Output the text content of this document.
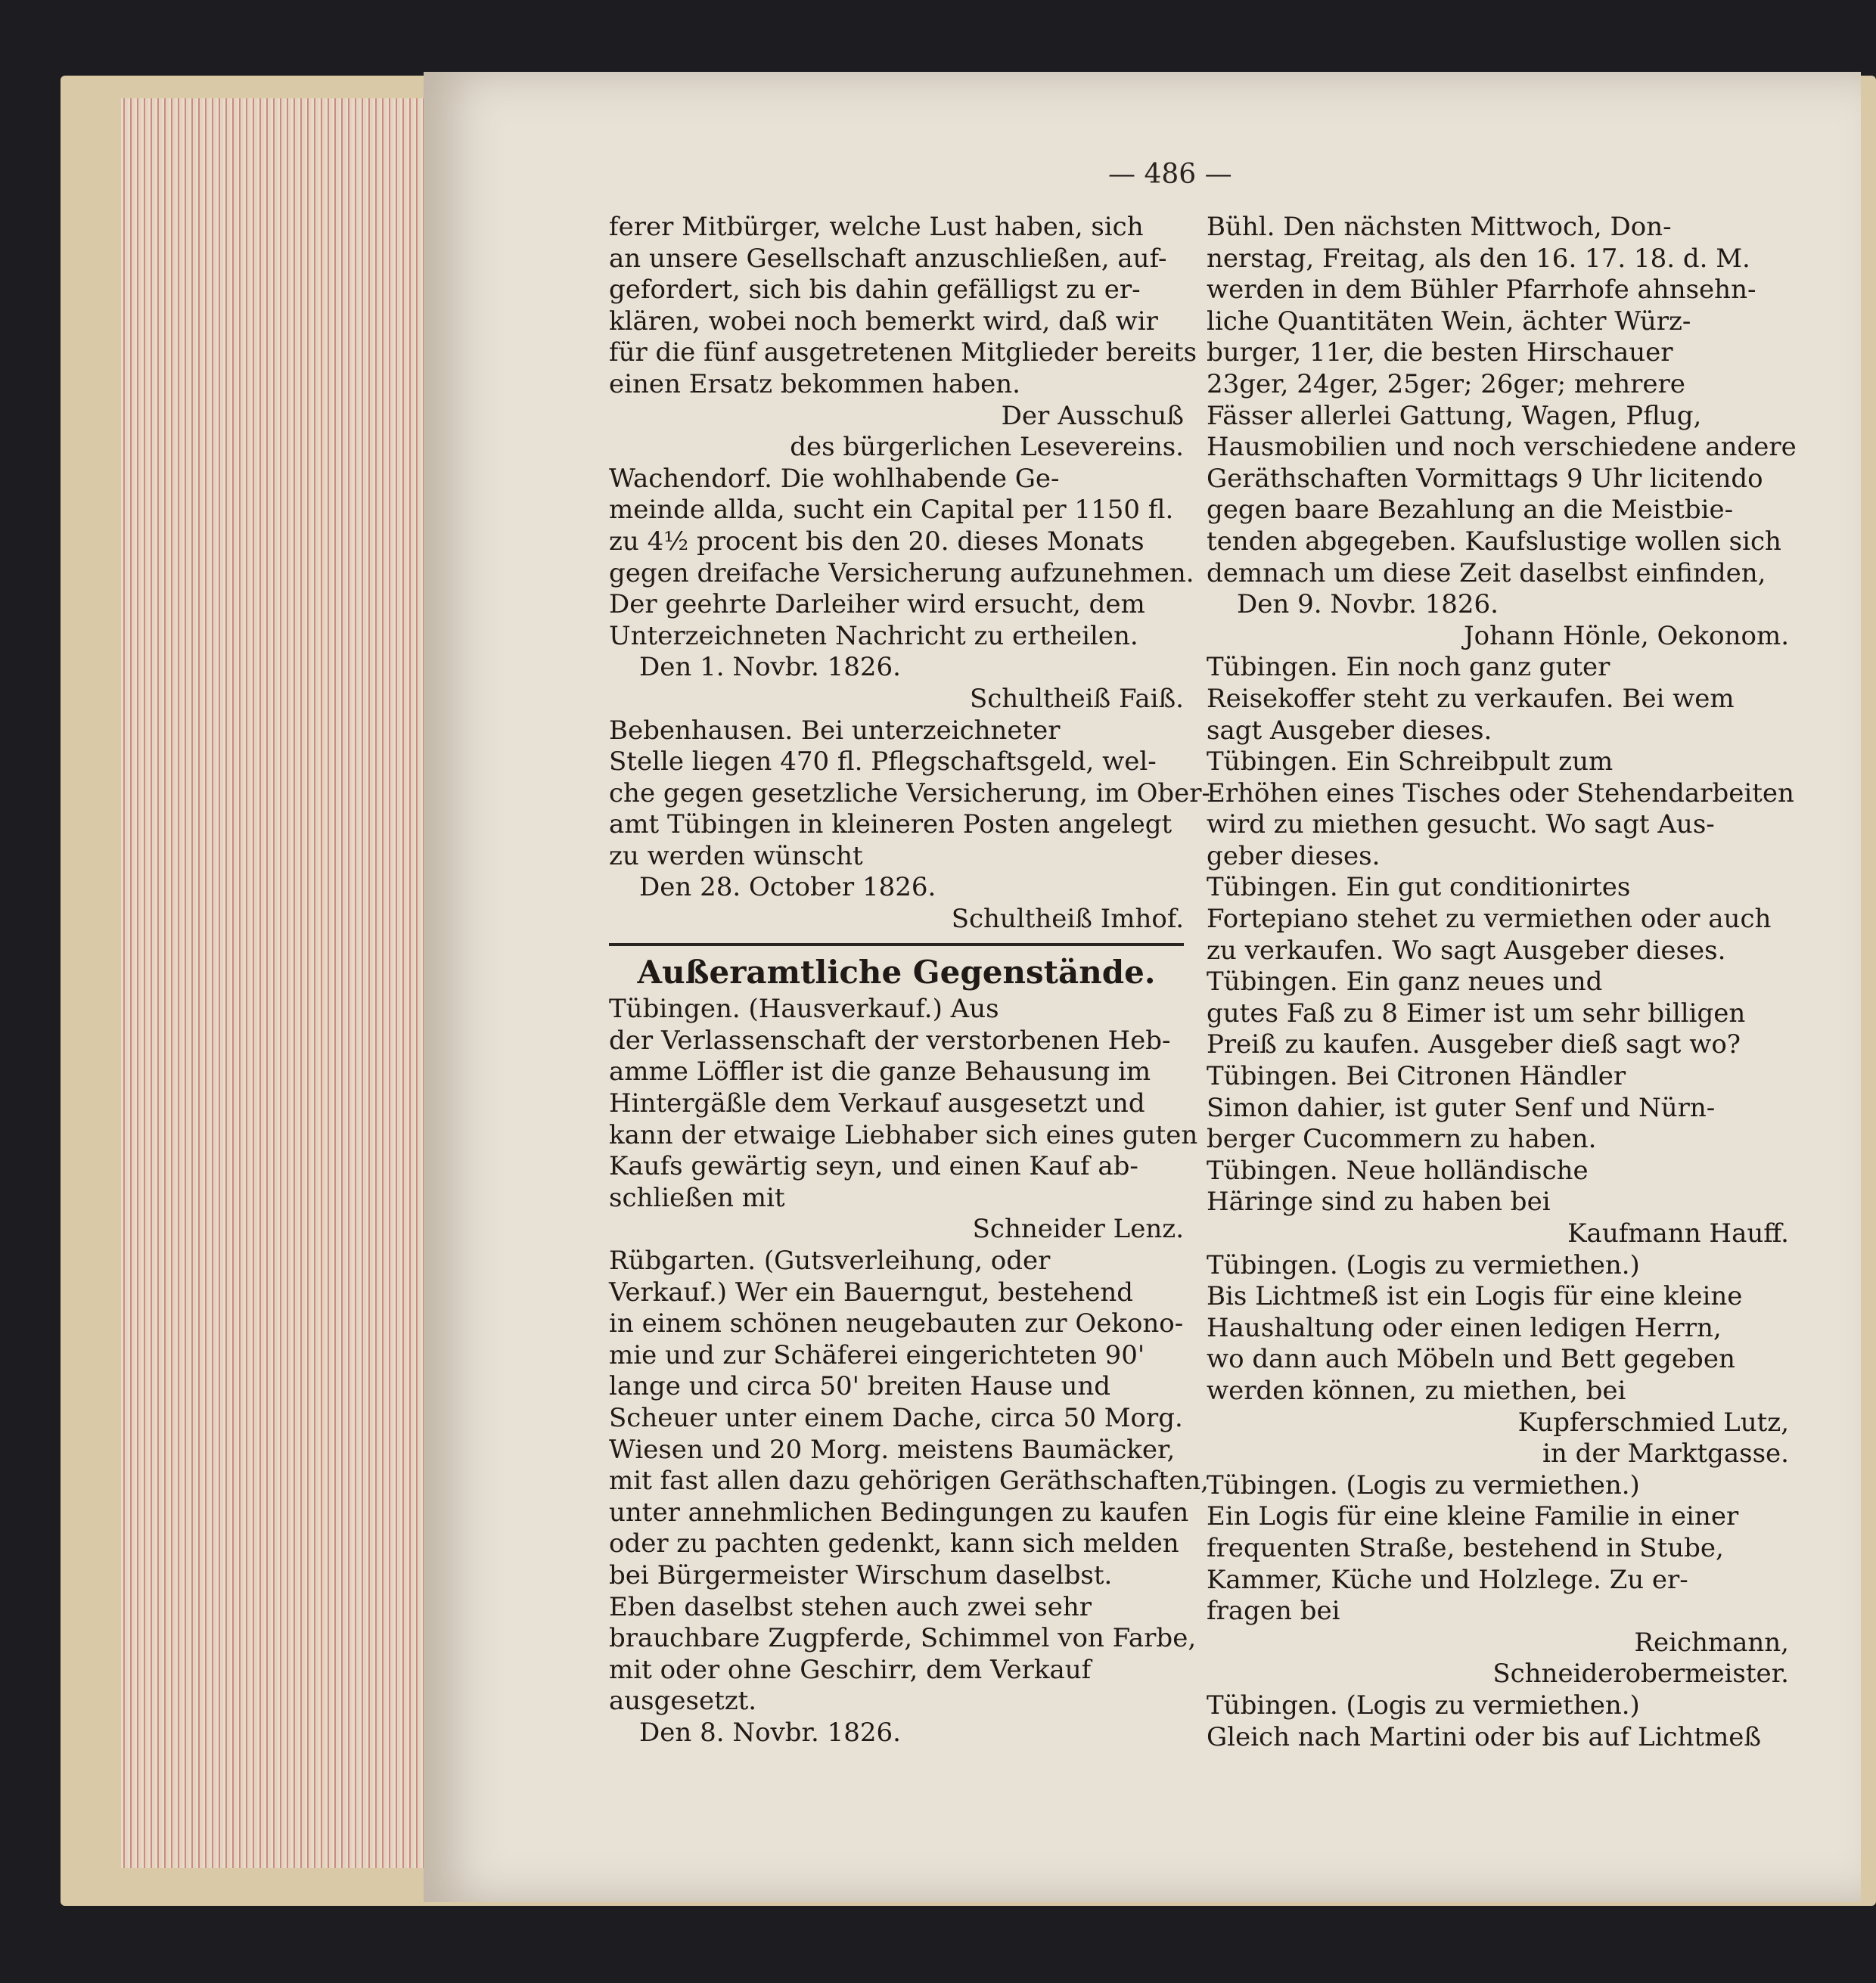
— 486 —
ferer Mitbürger, welche Lust haben, sich
an unsere Gesellschaft anzuschließen, auf-
gefordert, sich bis dahin gefälligst zu er-
klären, wobei noch bemerkt wird, daß wir
für die fünf ausgetretenen Mitglieder bereits
einen Ersatz bekommen haben.
Der Ausschuß
des bürgerlichen Lesevereins.
Wachendorf. Die wohlhabende Ge-
meinde allda, sucht ein Capital per 1150 fl.
zu 4½ procent bis den 20. dieses Monats
gegen dreifache Versicherung aufzunehmen.
Der geehrte Darleiher wird ersucht, dem
Unterzeichneten Nachricht zu ertheilen.
Den 1. Novbr. 1826.
Schultheiß Faiß.
Bebenhausen. Bei unterzeichneter
Stelle liegen 470 fl. Pflegschaftsgeld, wel-
che gegen gesetzliche Versicherung, im Ober-
amt Tübingen in kleineren Posten angelegt
zu werden wünscht
Den 28. October 1826.
Schultheiß Imhof.
Außeramtliche Gegenstände.
Tübingen. (Hausverkauf.) Aus
der Verlassenschaft der verstorbenen Heb-
amme Löffler ist die ganze Behausung im
Hintergäßle dem Verkauf ausgesetzt und
kann der etwaige Liebhaber sich eines guten
Kaufs gewärtig seyn, und einen Kauf ab-
schließen mit
Schneider Lenz.
Rübgarten. (Gutsverleihung, oder
Verkauf.) Wer ein Bauerngut, bestehend
in einem schönen neugebauten zur Oekono-
mie und zur Schäferei eingerichteten 90'
lange und circa 50' breiten Hause und
Scheuer unter einem Dache, circa 50 Morg.
Wiesen und 20 Morg. meistens Baumäcker,
mit fast allen dazu gehörigen Geräthschaften,
unter annehmlichen Bedingungen zu kaufen
oder zu pachten gedenkt, kann sich melden
bei Bürgermeister Wirschum daselbst.
Eben daselbst stehen auch zwei sehr
brauchbare Zugpferde, Schimmel von Farbe,
mit oder ohne Geschirr, dem Verkauf
ausgesetzt.
Den 8. Novbr. 1826.
Bühl. Den nächsten Mittwoch, Don-
nerstag, Freitag, als den 16. 17. 18. d. M.
werden in dem Bühler Pfarrhofe ahnsehn-
liche Quantitäten Wein, ächter Würz-
burger, 11er, die besten Hirschauer
23ger, 24ger, 25ger; 26ger; mehrere
Fässer allerlei Gattung, Wagen, Pflug,
Hausmobilien und noch verschiedene andere
Geräthschaften Vormittags 9 Uhr licitendo
gegen baare Bezahlung an die Meistbie-
tenden abgegeben. Kaufslustige wollen sich
demnach um diese Zeit daselbst einfinden,
Den 9. Novbr. 1826.
Johann Hönle, Oekonom.
Tübingen. Ein noch ganz guter
Reisekoffer steht zu verkaufen. Bei wem
sagt Ausgeber dieses.
Tübingen. Ein Schreibpult zum
Erhöhen eines Tisches oder Stehendarbeiten
wird zu miethen gesucht. Wo sagt Aus-
geber dieses.
Tübingen. Ein gut conditionirtes
Fortepiano stehet zu vermiethen oder auch
zu verkaufen. Wo sagt Ausgeber dieses.
Tübingen. Ein ganz neues und
gutes Faß zu 8 Eimer ist um sehr billigen
Preiß zu kaufen. Ausgeber dieß sagt wo?
Tübingen. Bei Citronen Händler
Simon dahier, ist guter Senf und Nürn-
berger Cucommern zu haben.
Tübingen. Neue holländische
Häringe sind zu haben bei
Kaufmann Hauff.
Tübingen. (Logis zu vermiethen.)
Bis Lichtmeß ist ein Logis für eine kleine
Haushaltung oder einen ledigen Herrn,
wo dann auch Möbeln und Bett gegeben
werden können, zu miethen, bei
Kupferschmied Lutz,
in der Marktgasse.
Tübingen. (Logis zu vermiethen.)
Ein Logis für eine kleine Familie in einer
frequenten Straße, bestehend in Stube,
Kammer, Küche und Holzlege. Zu er-
fragen bei
Reichmann,
Schneiderobermeister.
Tübingen. (Logis zu vermiethen.)
Gleich nach Martini oder bis auf Lichtmeß
